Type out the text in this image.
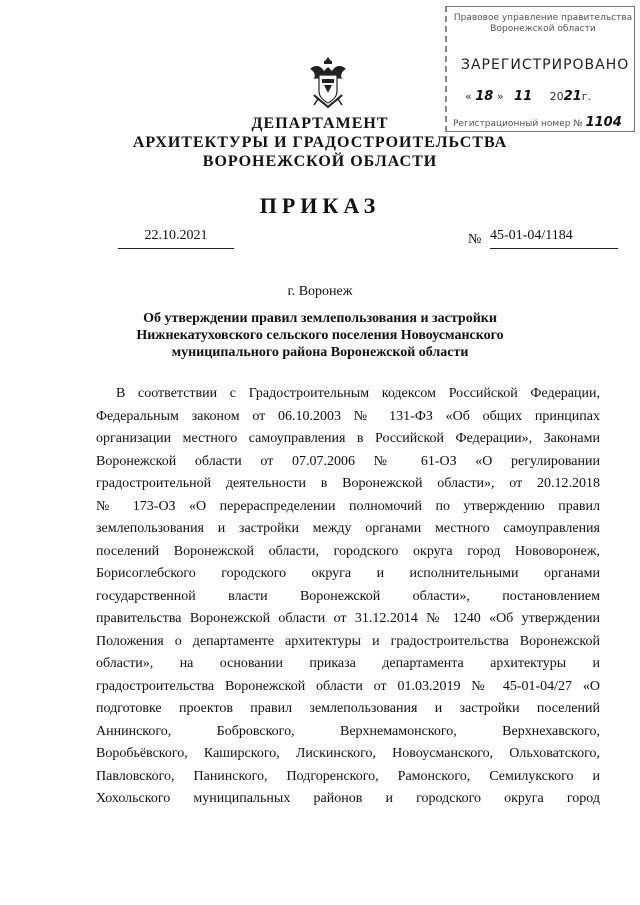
Правовое управление правительства
Воронежской области
ЗАРЕГИСТРИРОВАНО
« 18 »   11 2021г.
Регистрационный номер № 1104
ДЕПАРТАМЕНТ
АРХИТЕКТУРЫ И ГРАДОСТРОИТЕЛЬСТВА
ВОРОНЕЖСКОЙ ОБЛАСТИ
ПРИКАЗ
22.10.2021	№ 45-01-04/1184
г. Воронеж
Об утверждении правил землепользования и застройки
Нижнекатуховского сельского поселения Новоусманского
муниципального района Воронежской области
В соответствии с Градостроительным кодексом Российской Федерации,
Федеральным законом от 06.10.2003 № 131-ФЗ «Об общих принципах
организации местного самоуправления в Российской Федерации», Законами
Воронежской области от 07.07.2006 № 61-ОЗ «О регулировании
градостроительной деятельности в Воронежской области», от 20.12.2018
№ 173-ОЗ «О перераспределении полномочий по утверждению правил
землепользования и застройки между органами местного самоуправления
поселений Воронежской области, городского округа город Нововоронеж,
Борисоглебского городского округа и исполнительными органами
государственной власти Воронежской области», постановлением
правительства Воронежской области от 31.12.2014 № 1240 «Об утверждении
Положения о департаменте архитектуры и градостроительства Воронежской
области», на основании приказа департамента архитектуры и
градостроительства Воронежской области от 01.03.2019 № 45-01-04/27 «О
подготовке проектов правил землепользования и застройки поселений
Аннинского, Бобровского, Верхнемамонского, Верхнехавского,
Воробьёвского, Каширского, Лискинского, Новоусманского, Ольховатского,
Павловского, Панинского, Подгоренского, Рамонского, Семилукского и
Хохольского муниципальных районов и городского округа город
